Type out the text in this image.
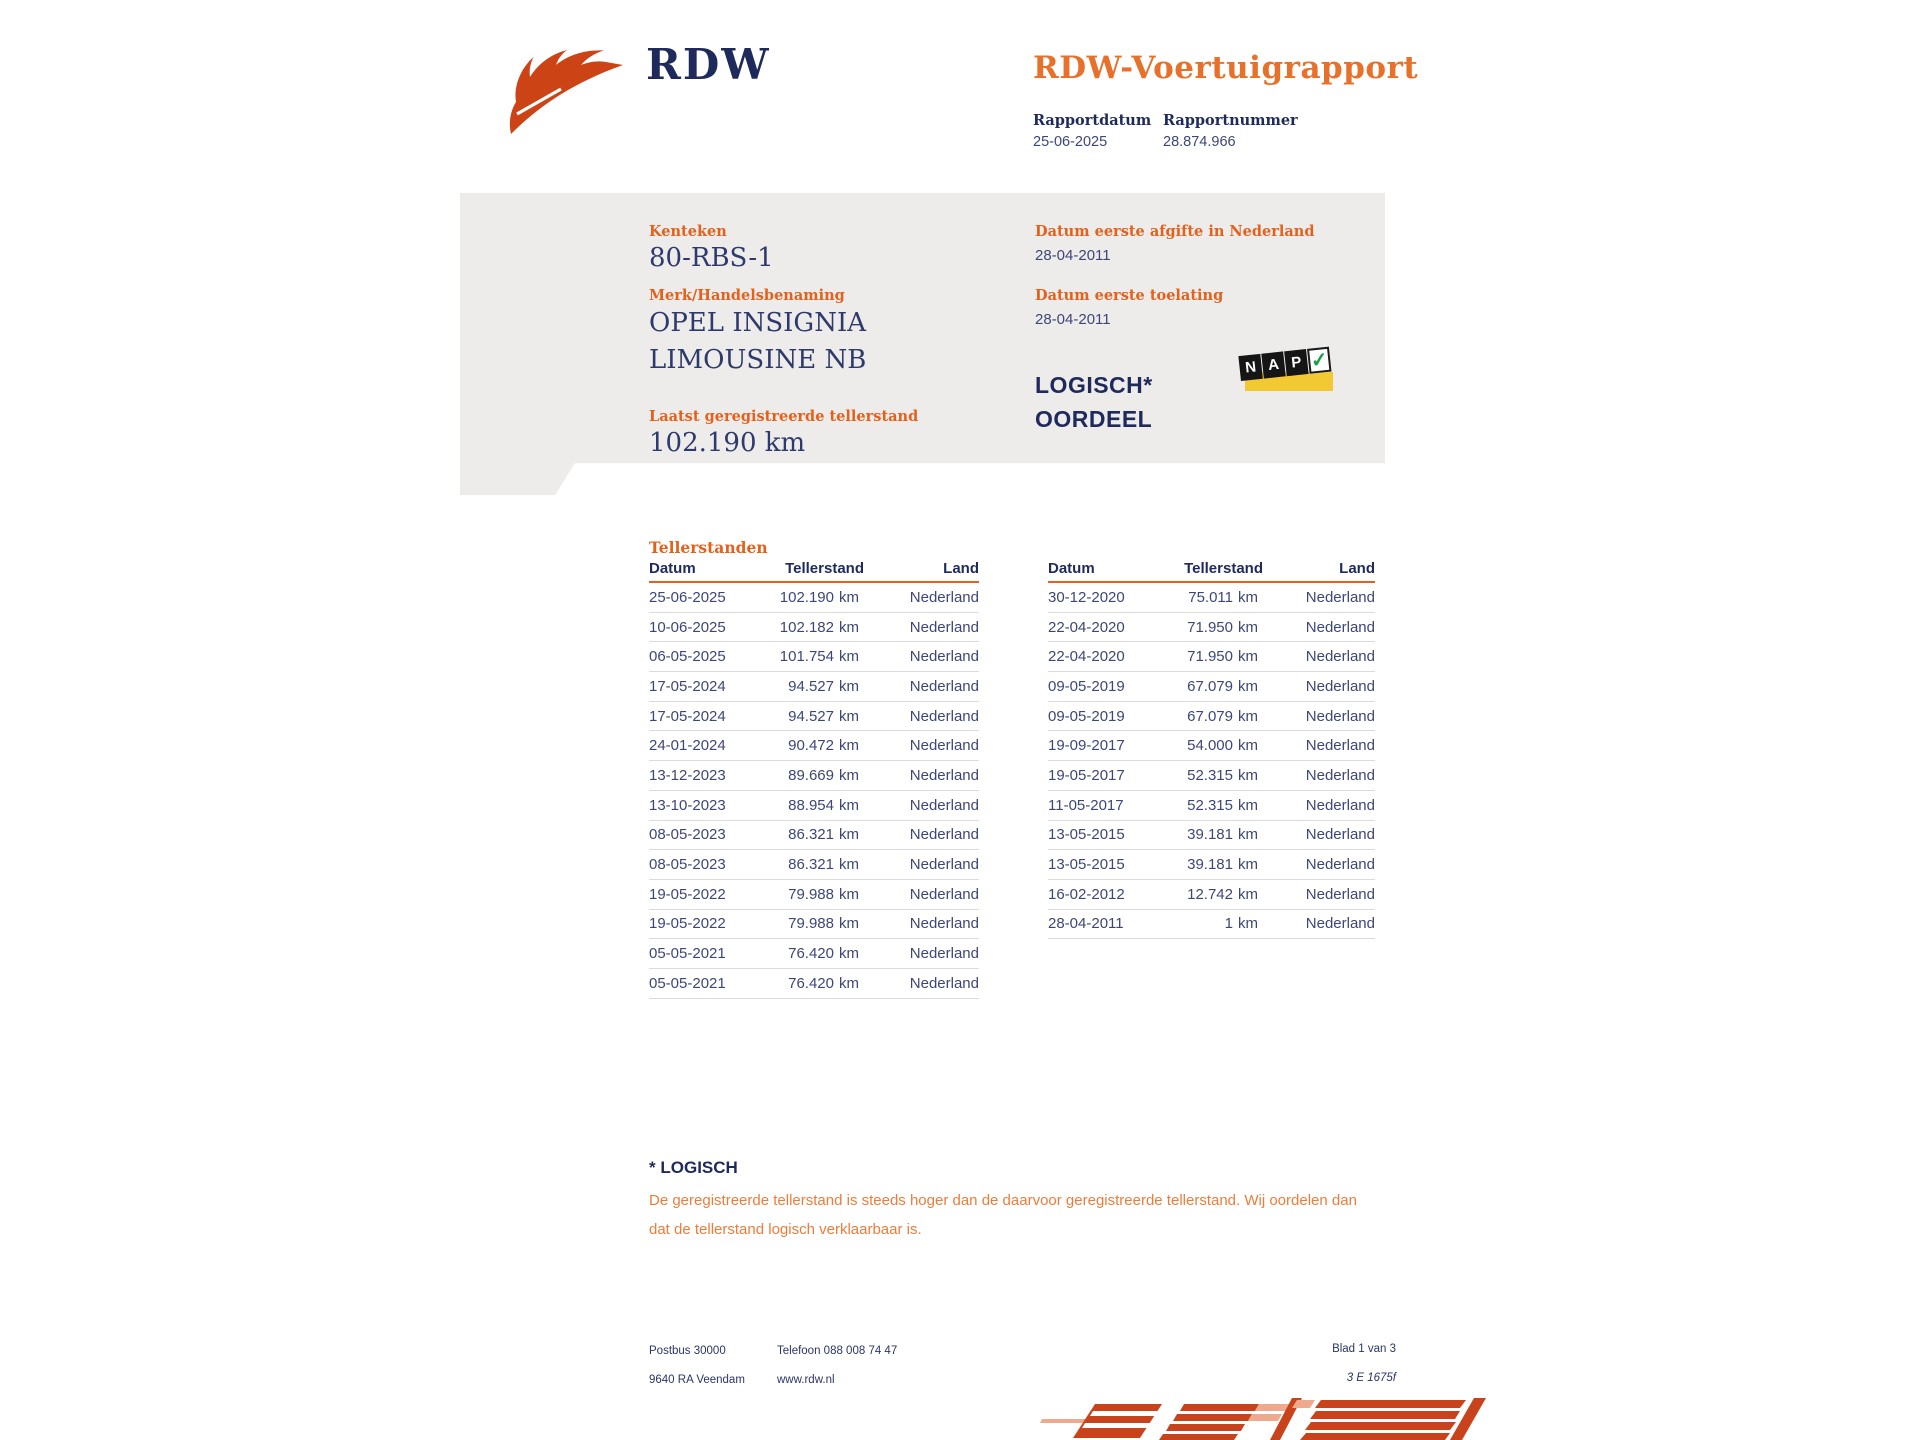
RDW	RDW-Voertuigrapport
Rapportdatum Rapportnummer
25-06-2025	28.874.966
Kenteken
80-RBS-1
Merk/Handelsbenaming
OPEL INSIGNIA
LIMOUSINE NB
Laatst geregistreerde tellerstand
102.190 km
Datum eerste afgifte in Nederland
28-04-2011
Datum eerste toelating
28-04-2011
LOGISCH*
OORDEEL
N A P ✓
Tellerstanden
Datum	Tellerstand	Land
25-06-2025	102.190 km	Nederland
10-06-2025	102.182 km	Nederland
06-05-2025	101.754 km	Nederland
17-05-2024	94.527 km	Nederland
17-05-2024	94.527 km	Nederland
24-01-2024	90.472 km	Nederland
13-12-2023	89.669 km	Nederland
13-10-2023	88.954 km	Nederland
08-05-2023	86.321 km	Nederland
08-05-2023	86.321 km	Nederland
19-05-2022	79.988 km	Nederland
19-05-2022	79.988 km	Nederland
05-05-2021	76.420 km	Nederland
05-05-2021	76.420 km	Nederland
Datum	Tellerstand	Land
30-12-2020	75.011 km	Nederland
22-04-2020	71.950 km	Nederland
22-04-2020	71.950 km	Nederland
09-05-2019	67.079 km	Nederland
09-05-2019	67.079 km	Nederland
19-09-2017	54.000 km	Nederland
19-05-2017	52.315 km	Nederland
11-05-2017	52.315 km	Nederland
13-05-2015	39.181 km	Nederland
13-05-2015	39.181 km	Nederland
16-02-2012	12.742 km	Nederland
28-04-2011	1 km	Nederland
* LOGISCH
De geregistreerde tellerstand is steeds hoger dan de daarvoor geregistreerde tellerstand. Wij oordelen dan
dat de tellerstand logisch verklaarbaar is.
Postbus 30000
9640 RA Veendam
Telefoon 088 008 74 47
www.rdw.nl
Blad 1 van 3
3 E 1675f
